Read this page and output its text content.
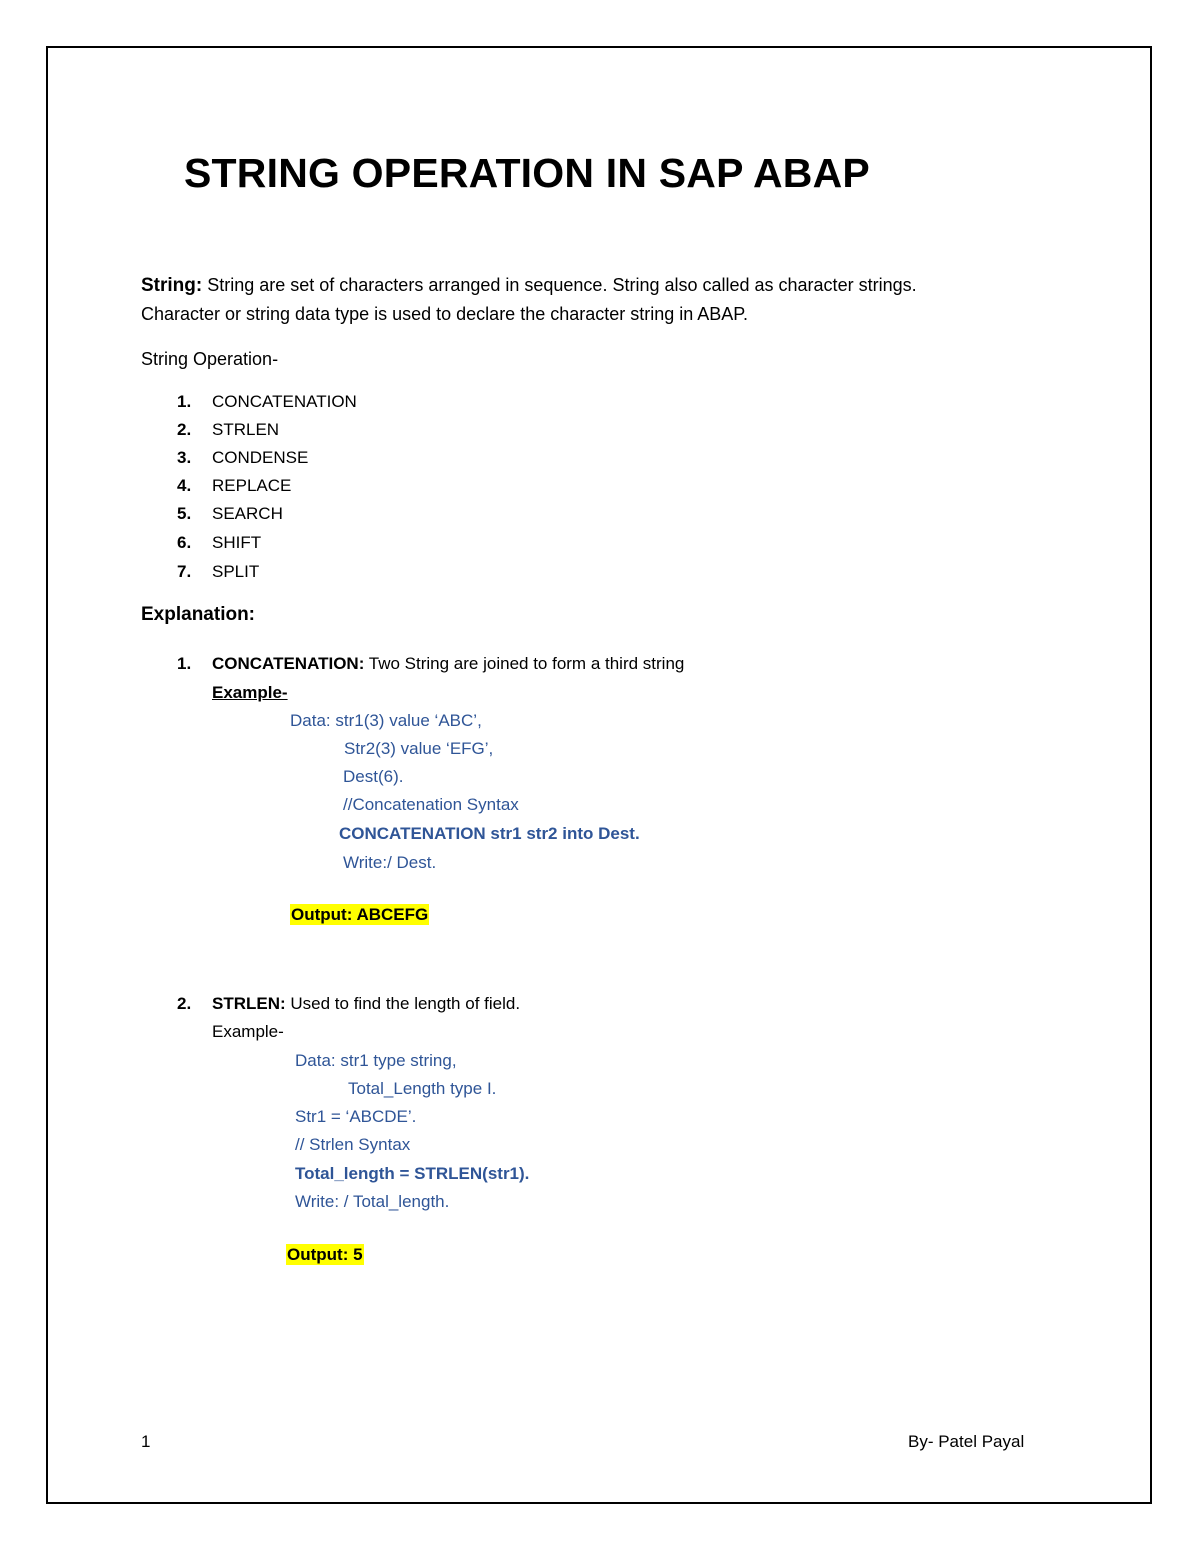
STRING OPERATION IN SAP ABAP
String: String are set of characters arranged in sequence. String also called as character strings.
Character or string data type is used to declare the character string in ABAP.
String Operation-
1. CONCATENATION
2. STRLEN
3. CONDENSE
4. REPLACE
5. SEARCH
6. SHIFT
7. SPLIT
Explanation:
1. CONCATENATION: Two String are joined to form a third string
Example-
Data: str1(3) value ‘ABC’,
Str2(3) value ‘EFG’,
Dest(6).
//Concatenation Syntax
CONCATENATION str1 str2 into Dest.
Write:/ Dest.
Output: ABCEFG
2. STRLEN: Used to find the length of field.
Example-
Data: str1 type string,
Total_Length type I.
Str1 = ‘ABCDE’.
// Strlen Syntax
Total_length = STRLEN(str1).
Write: / Total_length.
Output: 5
1	By- Patel Payal
